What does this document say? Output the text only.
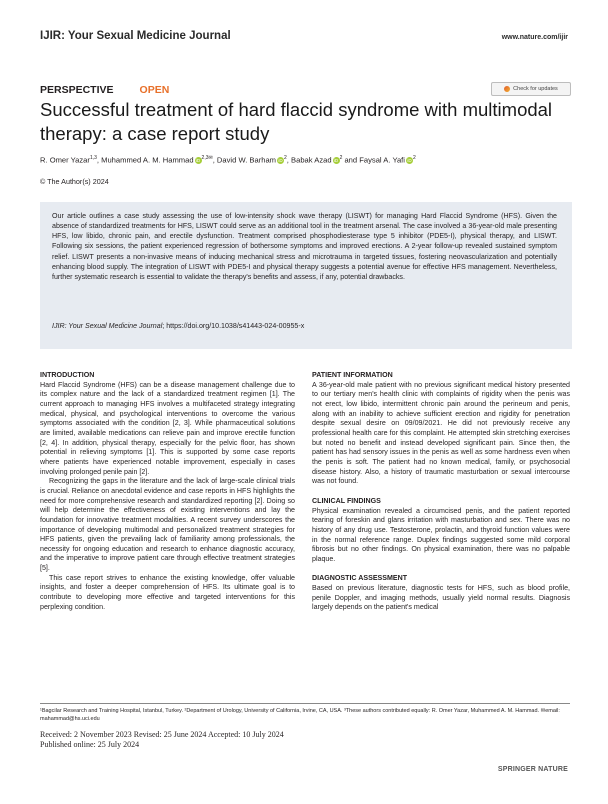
IJIR: Your Sexual Medicine Journal	www.nature.com/ijir
PERSPECTIVE OPEN	Check for updates
Successful treatment of hard flaccid syndrome with multimodal therapy: a case report study
R. Omer Yazar$^{1,3}$, Muhammed A. M. Hammad $iD^{2,3✉}$, David W. Barham $iD^2$, Babak Azad $iD^2$ and Faysal A. Yafi $iD^2$
© The Author(s) 2024
Our article outlines a case study assessing the use of low-intensity shock wave therapy (LISWT) for managing Hard Flaccid Syndrome (HFS). Given the absence of standardized treatments for HFS, LISWT could serve as an additional tool in the treatment arsenal. The case involved a 36-year-old male presenting HFS, low libido, chronic pain, and erectile dysfunction. Treatment comprised phosphodiesterase type 5 inhibitor (PDE5-I), physical therapy, and LISWT. Following six sessions, the patient experienced regression of bothersome symptoms and improved erections. A 2-year follow-up revealed sustained symptom relief. LISWT presents a non-invasive means of inducing mechanical stress and microtrauma in targeted tissues, fostering neovascularization and potentially enhancing blood supply. The integration of LISWT with PDE5-I and physical therapy suggests a potential avenue for effective HFS management. Nevertheless, further systematic research is essential to validate the therapy's benefits and assess, if any, potential drawbacks.
IJIR: Your Sexual Medicine Journal; https://doi.org/10.1038/s41443-024-00955-x

INTRODUCTION

Hard Flaccid Syndrome (HFS) can be a disease management challenge due to its complex nature and the lack of a standardized treatment regimen [1]. The current approach to managing HFS involves a multifaceted strategy integrating medical, physical, and psychological interventions to overcome the various symptoms associated with the condition [2, 3]. While pharmaceutical solutions are limited, available medications can relieve pain and improve erectile function [2, 4]. In addition, physical therapy, especially for the pelvic floor, has shown potential in relieving symptoms [1]. This is supported by some case reports where patients have experienced notable improvement, especially in cases involving prolonged penile pain [2].

Recognizing the gaps in the literature and the lack of large-scale clinical trials is crucial. Reliance on anecdotal evidence and case reports in HFS highlights the need for more comprehensive research and standardized reporting [2]. Doing so will help determine the effectiveness of existing interventions and lay the foundation for innovative treatment modalities. A recent survey underscores the importance of developing multimodal and personalized treatment strategies for HFS patients, given the prevailing lack of familiarity among professionals, the necessity for ongoing education and research to enhance diagnostic accuracy, and the imperative to improve patient care through effective treatment strategies [5].

This case report strives to enhance the existing knowledge, offer valuable insights, and foster a deeper comprehension of HFS. Its ultimate goal is to contribute to developing more effective and targeted interventions for this perplexing condition.

PATIENT INFORMATION

A 36-year-old male patient with no previous significant medical history presented to our tertiary men's health clinic with complaints of rigidity when the penis was not erect, low libido, intermittent chronic pain around the perineum and penis, along with an inability to achieve sufficient erection and rigidity for penetration despite sexual desire on 09/09/2021. He did not previously receive any professional health care for this complaint. He attempted skin stretching exercises but noted no benefit and instead developed significant pain. Since then, the patient has had sensory issues in the penis as well as some hardness even when the penis is soft. The patient had no known medical, family, or psychosocial disease history. Also, a history of traumatic masturbation or sexual intercourse was not found.

CLINICAL FINDINGS

Physical examination revealed a circumcised penis, and the patient reported tearing of foreskin and glans irritation with masturbation and sex. There was no history of any drug use. Testosterone, prolactin, and thyroid function values were in the normal reference range. Duplex findings suggested some mild corporal fibrosis but no other findings. On physical examination, there was no palpable plaque.

DIAGNOSTIC ASSESSMENT

Based on previous literature, diagnostic tests for HFS, such as blood profile, penile Doppler, and imaging methods, usually yield normal results. Diagnosis largely depends on the patient's medical

¹Bagcilar Research and Training Hospital, Istanbul, Turkey. ²Department of Urology, University of California, Irvine, CA, USA. ³These authors contributed equally: R. Omer Yazar, Muhammed A. M. Hammad. ✉email: mahammad@hs.uci.edu
Received: 2 November 2023 Revised: 25 June 2024 Accepted: 10 July 2024
Published online: 25 July 2024
SPRINGER NATURE
